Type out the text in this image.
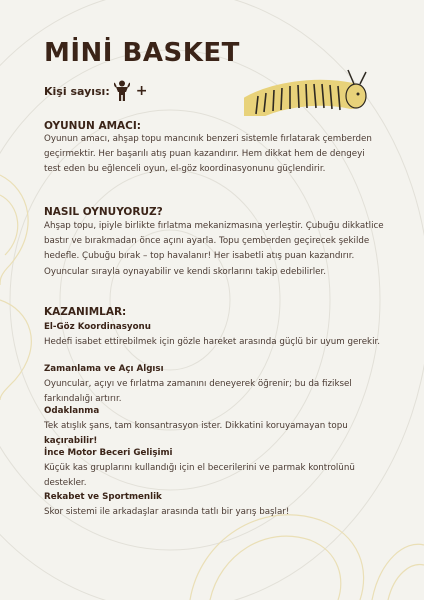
MİNİ BASKET
Kişi sayısı: +
OYUNUN AMACI:

Oyunun amacı, ahşap topu mancınık benzeri sistemle fırlatarak çemberden geçirmektir. Her başarılı atış puan kazandırır. Hem dikkat hem de dengeyi test eden bu eğlenceli oyun, el-göz koordinasyonunu güçlendirir.

NASIL OYNUYORUZ?

Ahşap topu, ipiyle birlikte fırlatma mekanizmasına yerleştir. Çubuğu dikkatlice bastır ve bırakmadan önce açını ayarla. Topu çemberden geçirecek şekilde hedefle. Çubuğu bırak – top havalanır! Her isabetli atış puan kazandırır. Oyuncular sırayla oynayabilir ve kendi skorlarını takip edebilirler.

KAZANIMLAR:
El-Göz Koordinasyonu

Hedefi isabet ettirebilmek için gözle hareket arasında güçlü bir uyum gerekir.

Zamanlama ve Açı Algısı

Oyuncular, açıyı ve fırlatma zamanını deneyerek öğrenir; bu da fiziksel farkındalığı artırır.

Odaklanma

Tek atışlık şans, tam konsantrasyon ister. Dikkatini koruyamayan topu kaçırabilir!

İnce Motor Beceri Gelişimi

Küçük kas gruplarını kullandığı için el becerilerini ve parmak kontrolünü destekler.

Rekabet ve Sportmenlik

Skor sistemi ile arkadaşlar arasında tatlı bir yarış başlar!
